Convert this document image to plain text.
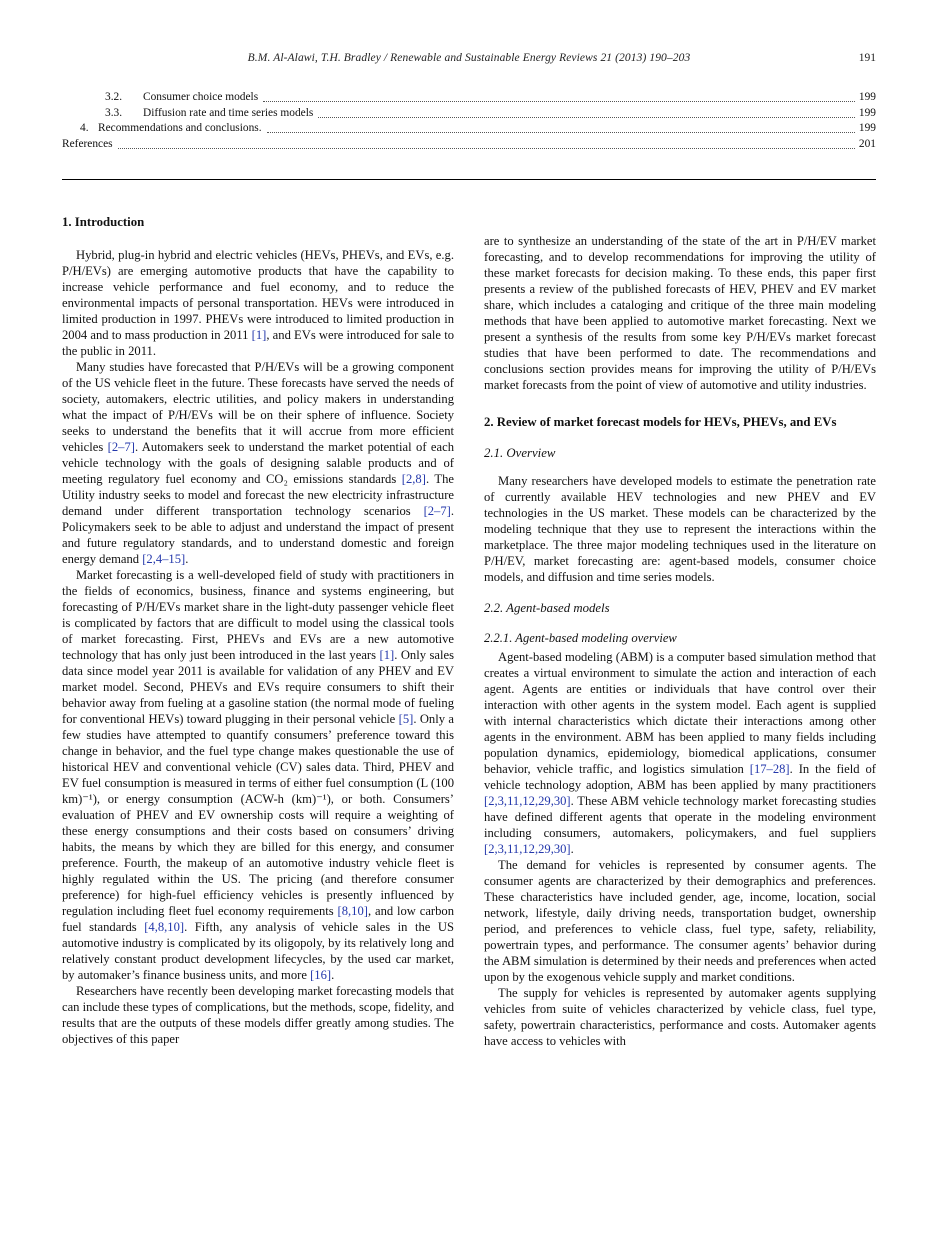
B.M. Al-Alawi, T.H. Bradley / Renewable and Sustainable Energy Reviews 21 (2013) 190–203	191
3.2.	Consumer choice models	199
3.3.	Diffusion rate and time series models	199
4. Recommendations and conclusions.	199
References	201
1. Introduction

Hybrid, plug-in hybrid and electric vehicles (HEVs, PHEVs, and EVs, e.g. P/H/EVs) are emerging automotive products that have the capability to increase vehicle performance and fuel economy, and to reduce the environmental impacts of personal transportation. HEVs were introduced in limited production in 1997. PHEVs were introduced to limited production in 2004 and to mass production in 2011 [1], and EVs were introduced for sale to the public in 2011.

Many studies have forecasted that P/H/EVs will be a growing component of the US vehicle fleet in the future. These forecasts have served the needs of society, automakers, electric utilities, and policy makers in understanding what the impact of P/H/EVs will be on their sphere of influence. Society seeks to understand the benefits that it will accrue from more efficient vehicles [2–7]. Automakers seek to understand the market potential of each vehicle technology with the goals of designing salable products and of meeting regulatory fuel economy and CO₂ emissions standards [2,8]. The Utility industry seeks to model and forecast the new electricity infrastructure demand under different transportation technology scenarios [2–7]. Policymakers seek to be able to adjust and understand the impact of present and future regulatory standards, and to understand domestic and foreign energy demand [2,4–15].

Market forecasting is a well-developed field of study with practitioners in the fields of economics, business, finance and systems engineering, but forecasting of P/H/EVs market share in the light-duty passenger vehicle fleet is complicated by factors that are difficult to model using the classical tools of market forecasting. First, PHEVs and EVs are a new automotive technology that has only just been introduced in the last years [1]. Only sales data since model year 2011 is available for validation of any PHEV and EV market model. Second, PHEVs and EVs require consumers to shift their behavior away from fueling at a gasoline station (the normal mode of fueling for conventional HEVs) toward plugging in their personal vehicle [5]. Only a few studies have attempted to quantify consumers’ preference toward this change in behavior, and the fuel type change makes questionable the use of historical HEV and conventional vehicle (CV) sales data. Third, PHEV and EV fuel consumption is measured in terms of either fuel consumption (L (100 km)⁻¹), or energy consumption (ACW-h (km)⁻¹), or both. Consumers’ evaluation of PHEV and EV ownership costs will require a weighting of these energy consumptions and their costs based on consumers’ driving habits, the means by which they are billed for this energy, and consumer preference. Fourth, the makeup of an automotive industry vehicle fleet is highly regulated within the US. The pricing (and therefore consumer preference) for high-fuel efficiency vehicles is presently influenced by regulation including fleet fuel economy requirements [8,10], and low carbon fuel standards [4,8,10]. Fifth, any analysis of vehicle sales in the US automotive industry is complicated by its oligopoly, by its relatively long and relatively constant product development lifecycles, by the used car market, by automaker’s finance business units, and more [16].

Researchers have recently been developing market forecasting models that can include these types of complications, but the methods, scope, fidelity, and results that are the outputs of these models differ greatly among studies. The objectives of this paper

are to synthesize an understanding of the state of the art in P/H/EV market forecasting, and to develop recommendations for improving the utility of these market forecasts for decision making. To these ends, this paper first presents a review of the published forecasts of HEV, PHEV and EV market share, which includes a cataloging and critique of the three main modeling methods that have been applied to automotive market forecasting. Next we present a synthesis of the results from some key P/H/EVs market forecast studies that have been performed to date. The recommendations and conclusions section provides means for improving the utility of P/H/EVs market forecasts from the point of view of automotive and utility industries.

2. Review of market forecast models for HEVs, PHEVs, and EVs
2.1. Overview

Many researchers have developed models to estimate the penetration rate of currently available HEV technologies and new PHEV and EV technologies in the US market. These models can be characterized by the modeling technique that they use to represent the interactions within the marketplace. The three major modeling techniques used in the literature on P/H/EV, market forecasting are: agent-based models, consumer choice models, and diffusion and time series models.

2.2. Agent-based models
2.2.1. Agent-based modeling overview

Agent-based modeling (ABM) is a computer based simulation method that creates a virtual environment to simulate the action and interaction of each agent. Agents are entities or individuals that have control over their interaction with other agents in the system model. Each agent is supplied with internal characteristics which dictate their interactions among other agents in the environment. ABM has been applied to many fields including population dynamics, epidemiology, biomedical applications, consumer behavior, vehicle traffic, and logistics simulation [17–28]. In the field of vehicle technology adoption, ABM has been applied by many practitioners [2,3,11,12,29,30]. These ABM vehicle technology market forecasting studies have defined different agents that operate in the modeling environment including consumers, automakers, policymakers, and fuel suppliers [2,3,11,12,29,30].

The demand for vehicles is represented by consumer agents. The consumer agents are characterized by their demographics and preferences. These characteristics have included gender, age, income, location, social network, lifestyle, daily driving needs, transportation budget, ownership period, and preferences to vehicle class, fuel type, safety, reliability, powertrain types, and performance. The consumer agents’ behavior during the ABM simulation is determined by their needs and preferences when acted upon by the exogenous vehicle supply and market conditions.

The supply for vehicles is represented by automaker agents supplying vehicles from suite of vehicles characterized by vehicle class, fuel type, safety, powertrain characteristics, performance and costs. Automaker agents have access to vehicles with
